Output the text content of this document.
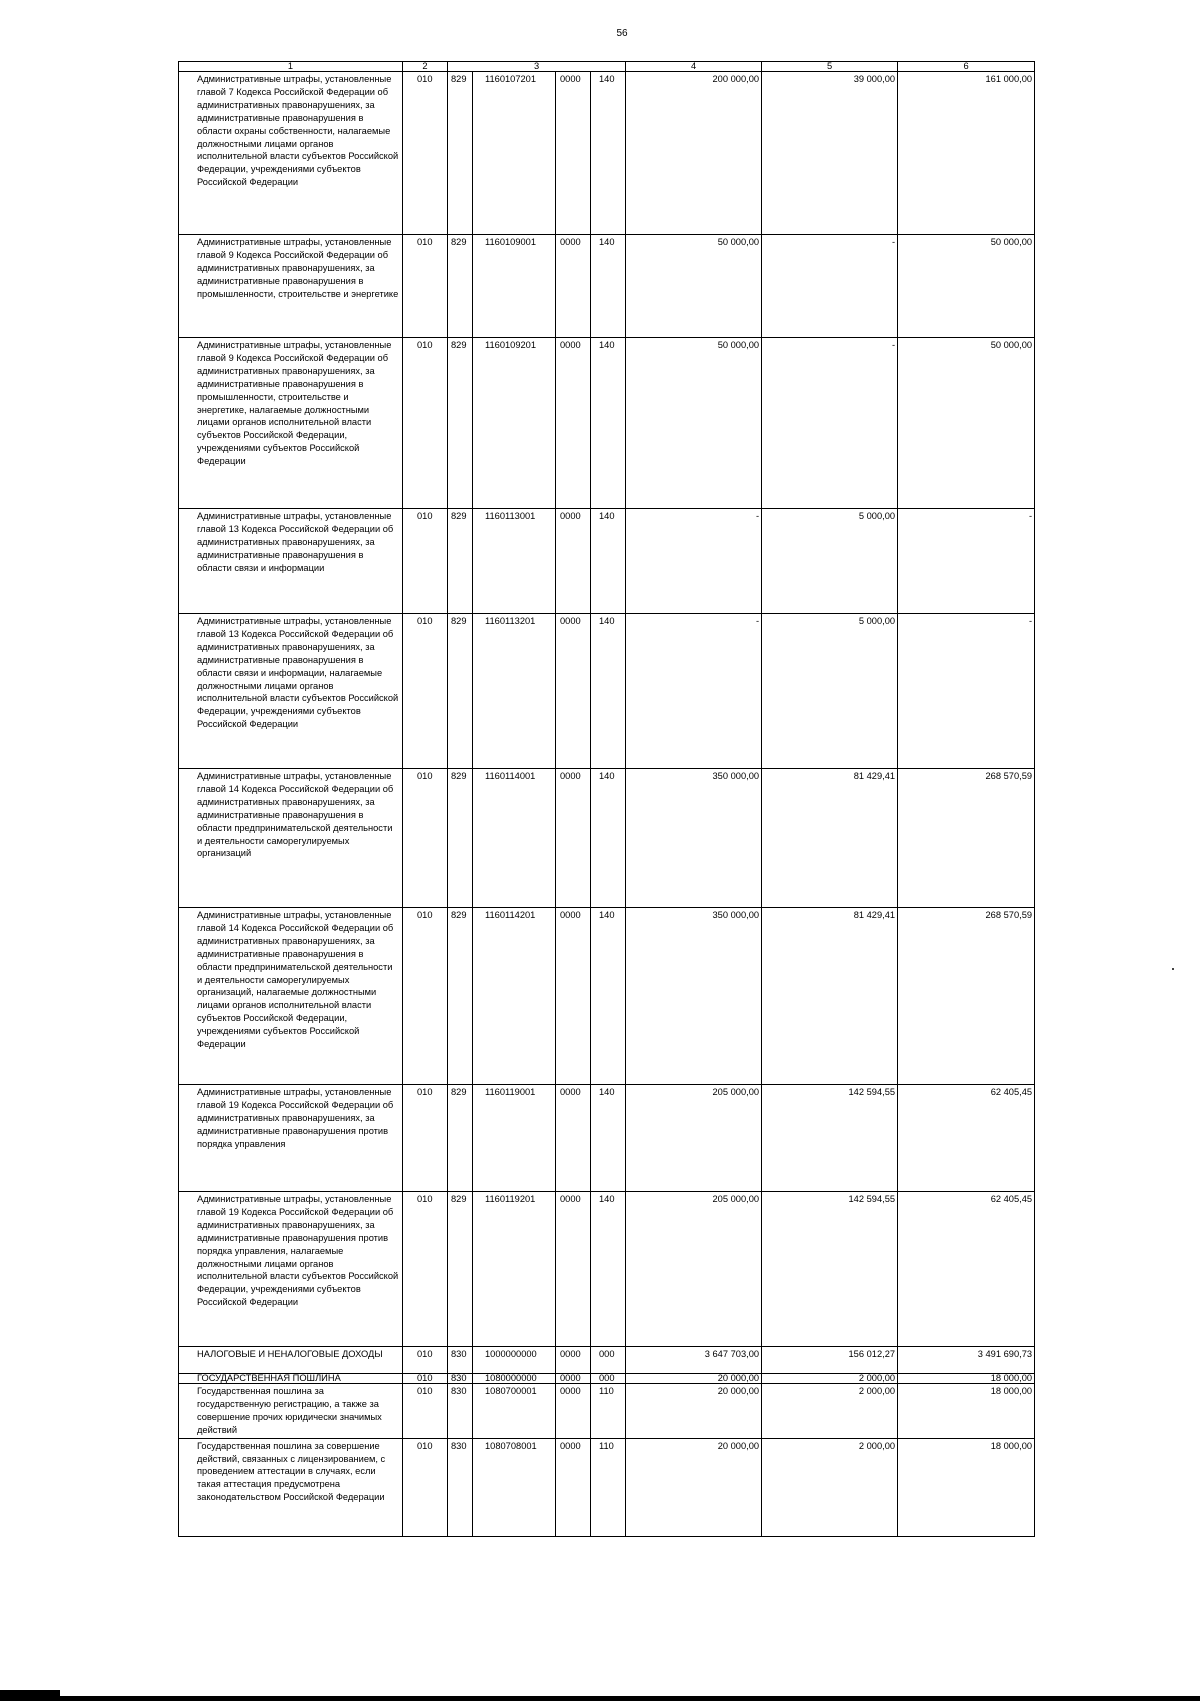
56
1	2	3				4	5	6
Административные штрафы, установленные главой 7 Кодекса Российской Федерации об административных правонарушениях, за административные правонарушения в области охраны собственности, налагаемые должностными лицами органов исполнительной власти субъектов Российской Федерации, учреждениями субъектов Российской Федерации	010	829	1160107201	0000	140	200 000,00	39 000,00	161 000,00
Административные штрафы, установленные главой 9 Кодекса Российской Федерации об административных правонарушениях, за административные правонарушения в промышленности, строительстве и энергетике	010	829	1160109001	0000	140	50 000,00	-	50 000,00
Административные штрафы, установленные главой 9 Кодекса Российской Федерации об административных правонарушениях, за административные правонарушения в промышленности, строительстве и энергетике, налагаемые должностными лицами органов исполнительной власти субъектов Российской Федерации, учреждениями субъектов Российской Федерации	010	829	1160109201	0000	140	50 000,00	-	50 000,00
Административные штрафы, установленные главой 13 Кодекса Российской Федерации об административных правонарушениях, за административные правонарушения в области связи и информации	010	829	1160113001	0000	140	-	5 000,00	-
Административные штрафы, установленные главой 13 Кодекса Российской Федерации об административных правонарушениях, за административные правонарушения в области связи и информации, налагаемые должностными лицами органов исполнительной власти субъектов Российской Федерации, учреждениями субъектов Российской Федерации	010	829	1160113201	0000	140	-	5 000,00	-
Административные штрафы, установленные главой 14 Кодекса Российской Федерации об административных правонарушениях, за административные правонарушения в области предпринимательской деятельности и деятельности саморегулируемых организаций	010	829	1160114001	0000	140	350 000,00	81 429,41	268 570,59
Административные штрафы, установленные главой 14 Кодекса Российской Федерации об административных правонарушениях, за административные правонарушения в области предпринимательской деятельности и деятельности саморегулируемых организаций, налагаемые должностными лицами органов исполнительной власти субъектов Российской Федерации, учреждениями субъектов Российской Федерации	010	829	1160114201	0000	140	350 000,00	81 429,41	268 570,59
Административные штрафы, установленные главой 19 Кодекса Российской Федерации об административных правонарушениях, за административные правонарушения против порядка управления	010	829	1160119001	0000	140	205 000,00	142 594,55	62 405,45
Административные штрафы, установленные главой 19 Кодекса Российской Федерации об административных правонарушениях, за административные правонарушения против порядка управления, налагаемые должностными лицами органов исполнительной власти субъектов Российской Федерации, учреждениями субъектов Российской Федерации	010	829	1160119201	0000	140	205 000,00	142 594,55	62 405,45
НАЛОГОВЫЕ И НЕНАЛОГОВЫЕ ДОХОДЫ	010	830	1000000000	0000	000	3 647 703,00	156 012,27	3 491 690,73
ГОСУДАРСТВЕННАЯ ПОШЛИНА	010	830	1080000000	0000	000	20 000,00	2 000,00	18 000,00
Государственная пошлина за государственную регистрацию, а также за совершение прочих юридически значимых действий	010	830	1080700001	0000	110	20 000,00	2 000,00	18 000,00
Государственная пошлина за совершение действий, связанных с лицензированием, с проведением аттестации в случаях, если такая аттестация предусмотрена законодательством Российской Федерации	010	830	1080708001	0000	110	20 000,00	2 000,00	18 000,00
